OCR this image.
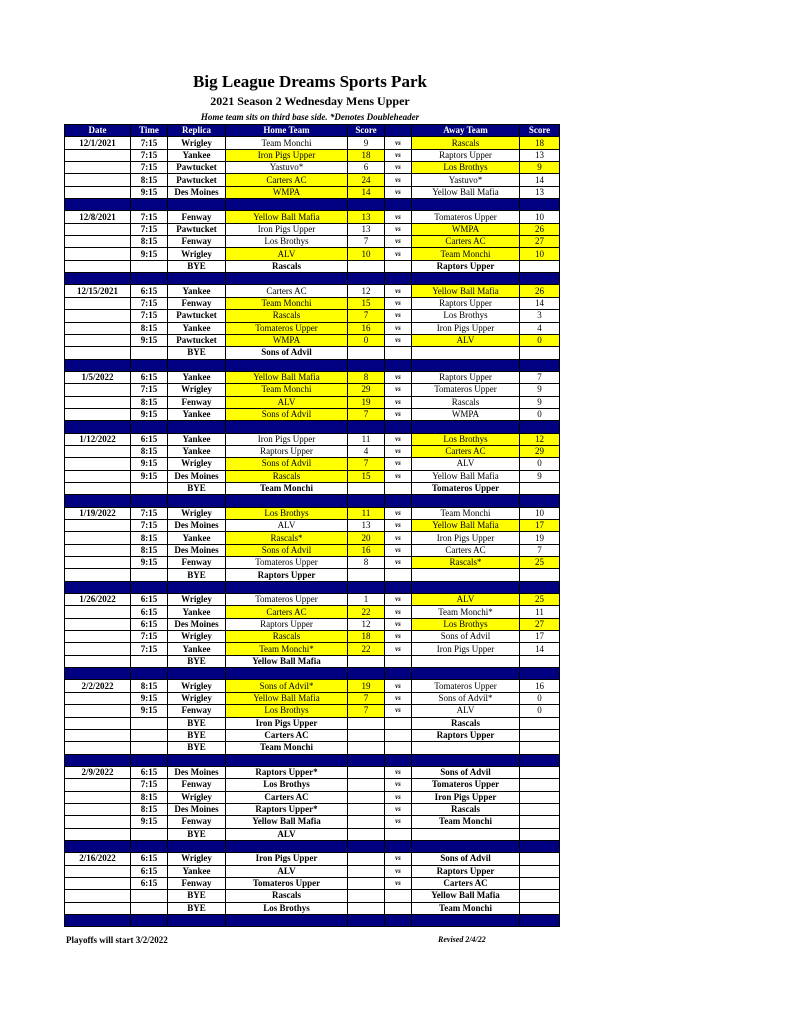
Big League Dreams Sports Park
2021 Season 2 Wednesday Mens Upper
Home team sits on third base side. *Denotes Doubleheader
Date	Time	Replica	Home Team	Score		Away Team	Score
12/1/2021	7:15	Wrigley	Team Monchi	9	vs	Rascals	18
	7:15	Yankee	Iron Pigs Upper	18	vs	Raptors Upper	13
	7:15	Pawtucket	Yastuvo*	6	vs	Los Brothys	9
	8:15	Pawtucket	Carters AC	24	vs	Yastuvo*	14
	9:15	Des Moines	WMPA	14	vs	Yellow Ball Mafia	13

12/8/2021	7:15	Fenway	Yellow Ball Mafia	13	vs	Tomateros Upper	10
	7:15	Pawtucket	Iron Pigs Upper	13	vs	WMPA	26
	8:15	Fenway	Los Brothys	7	vs	Carters AC	27
	9:15	Wrigley	ALV	10	vs	Team Monchi	10
		BYE	Rascals			Raptors Upper	

12/15/2021	6:15	Yankee	Carters AC	12	vs	Yellow Ball Mafia	26
	7:15	Fenway	Team Monchi	15	vs	Raptors Upper	14
	7:15	Pawtucket	Rascals	7	vs	Los Brothys	3
	8:15	Yankee	Tomateros Upper	16	vs	Iron Pigs Upper	4
	9:15	Pawtucket	WMPA	0	vs	ALV	0
		BYE	Sons of Advil				

1/5/2022	6:15	Yankee	Yellow Ball Mafia	8	vs	Raptors Upper	7
	7:15	Wrigley	Team Monchi	29	vs	Tomateros Upper	9
	8:15	Fenway	ALV	19	vs	Rascals	9
	9:15	Yankee	Sons of Advil	7	vs	WMPA	0

1/12/2022	6:15	Yankee	Iron Pigs Upper	11	vs	Los Brothys	12
	8:15	Yankee	Raptors Upper	4	vs	Carters AC	29
	9:15	Wrigley	Sons of Advil	7	vs	ALV	0
	9:15	Des Moines	Rascals	15	vs	Yellow Ball Mafia	9
		BYE	Team Monchi			Tomateros Upper	

1/19/2022	7:15	Wrigley	Los Brothys	11	vs	Team Monchi	10
	7:15	Des Moines	ALV	13	vs	Yellow Ball Mafia	17
	8:15	Yankee	Rascals*	20	vs	Iron Pigs Upper	19
	8:15	Des Moines	Sons of Advil	16	vs	Carters AC	7
	9:15	Fenway	Tomateros Upper	8	vs	Rascals*	25
		BYE	Raptors Upper				

1/26/2022	6:15	Wrigley	Tomateros Upper	1	vs	ALV	25
	6:15	Yankee	Carters AC	22	vs	Team Monchi*	11
	6:15	Des Moines	Raptors Upper	12	vs	Los Brothys	27
	7:15	Wrigley	Rascals	18	vs	Sons of Advil	17
	7:15	Yankee	Team Monchi*	22	vs	Iron Pigs Upper	14
		BYE	Yellow Ball Mafia				

2/2/2022	8:15	Wrigley	Sons of Advil*	19	vs	Tomateros Upper	16
	9:15	Wrigley	Yellow Ball Mafia	7	vs	Sons of Advil*	0
	9:15	Fenway	Los Brothys	7	vs	ALV	0
		BYE	Iron Pigs Upper			Rascals	
		BYE	Carters AC			Raptors Upper	
		BYE	Team Monchi				

2/9/2022	6:15	Des Moines	Raptors Upper*		vs	Sons of Advil	
	7:15	Fenway	Los Brothys		vs	Tomateros Upper	
	8:15	Wrigley	Carters AC		vs	Iron Pigs Upper	
	8:15	Des Moines	Raptors Upper*		vs	Rascals	
	9:15	Fenway	Yellow Ball Mafia		vs	Team Monchi	
		BYE	ALV				

2/16/2022	6:15	Wrigley	Iron Pigs Upper		vs	Sons of Advil	
	6:15	Yankee	ALV		vs	Raptors Upper	
	6:15	Fenway	Tomateros Upper		vs	Carters AC	
		BYE	Rascals			Yellow Ball Mafia	
		BYE	Los Brothys			Team Monchi	

Playoffs will start 3/2/2022	Revised 2/4/22
